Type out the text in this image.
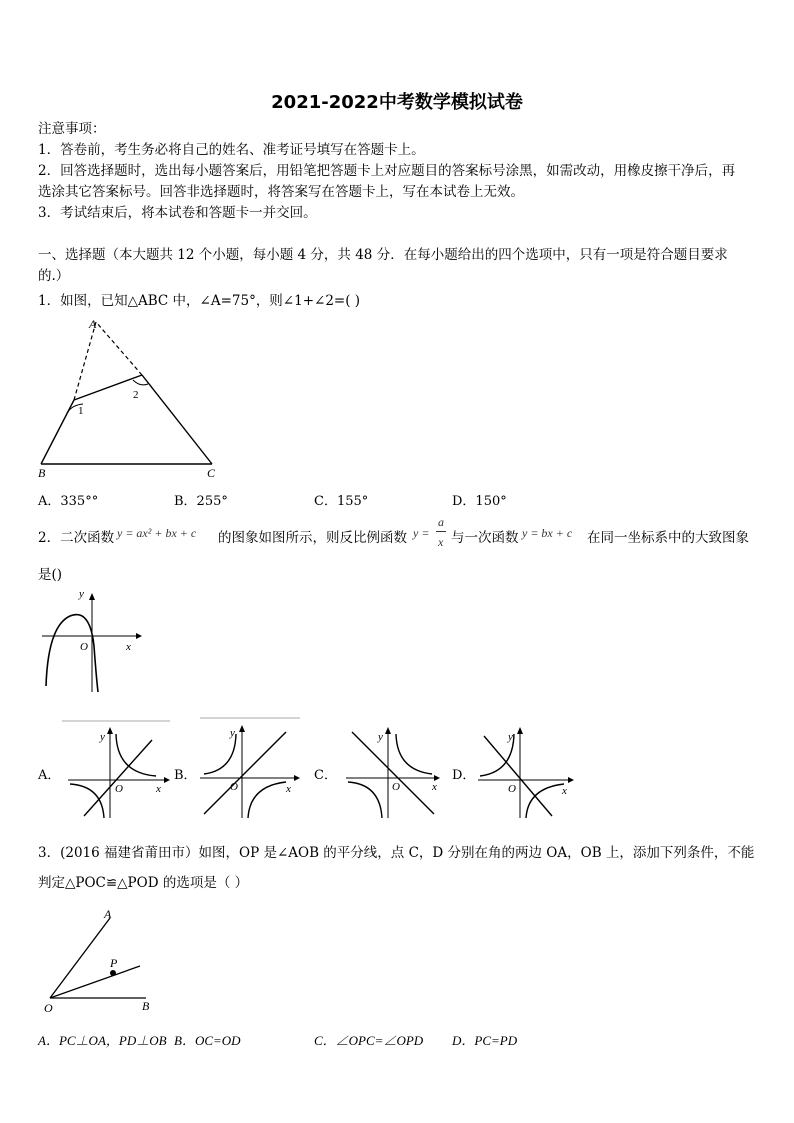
2021-2022中考数学模拟试卷
注意事项：
1．答卷前，考生务必将自己的姓名、准考证号填写在答题卡上。
2．回答选择题时，选出每小题答案后，用铅笔把答题卡上对应题目的答案标号涂黑，如需改动，用橡皮擦干净后，再
选涂其它答案标号。回答非选择题时，将答案写在答题卡上，写在本试卷上无效。
3．考试结束后，将本试卷和答题卡一并交回。
一、选择题（本大题共 12 个小题，每小题 4 分，共 48 分．在每小题给出的四个选项中，只有一项是符合题目要求
的.）
1．如图，已知△ABC 中，∠A=75°，则∠1+∠2=( )
A
B	C
1
2
A．335°°	B．255°	C．155°	D．150°
2．二次函数 y = ax² + bx + c 的图象如图所示，则反比例函数 y =
a
x 与一次函数 y = bx + c 在同一坐标系中的大致图象
是()
y
x
O
A．
y
x
O
B．
y
x
O
C．
y
x
O
D．
y
x
O
3．(2016 福建省莆田市）如图，OP 是∠AOB 的平分线，点 C，D 分别在角的两边 OA，OB 上，添加下列条件，不能
判定△POC≌△POD 的选项是（ ）
A
B
O
P
A．PC⊥OA，PD⊥OB B．OC=OD	C．∠OPC=∠OPD D．PC=PD
